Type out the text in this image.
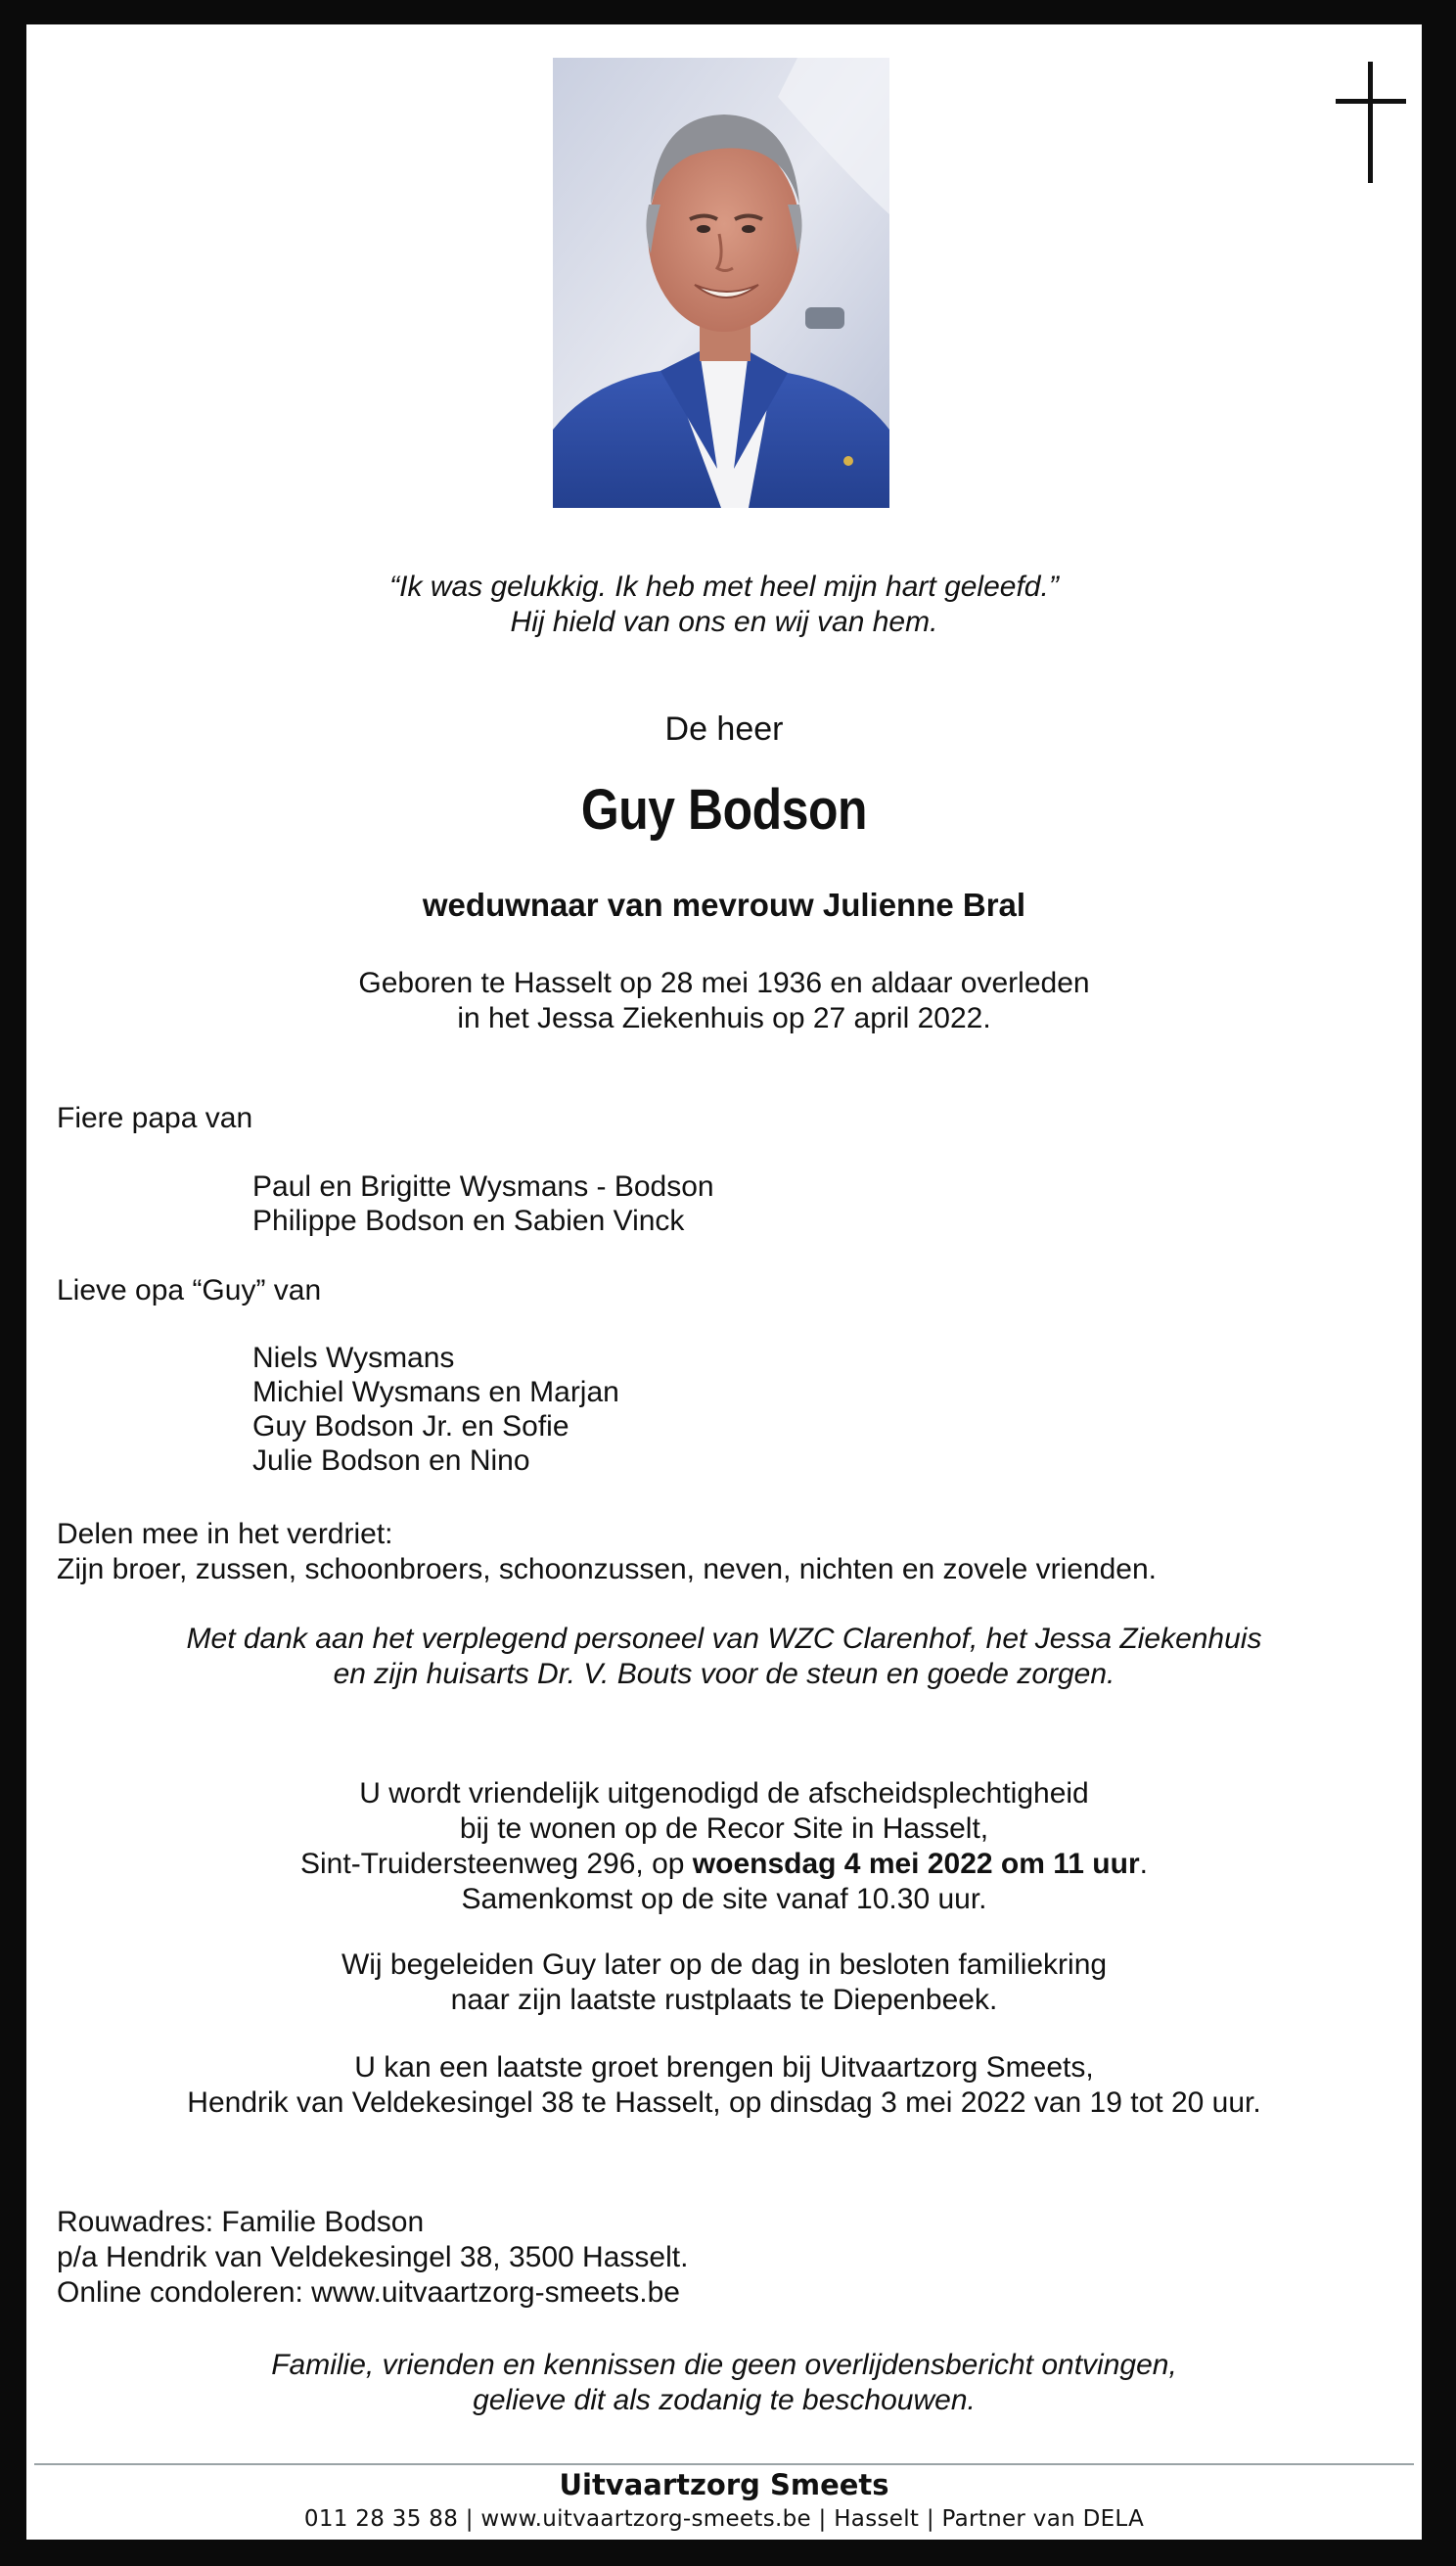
“Ik was gelukkig. Ik heb met heel mijn hart geleefd.”
Hij hield van ons en wij van hem.
De heer
Guy Bodson
weduwnaar van mevrouw Julienne Bral
Geboren te Hasselt op 28 mei 1936 en aldaar overleden
in het Jessa Ziekenhuis op 27 april 2022.
Fiere papa van
Paul en Brigitte Wysmans - Bodson
Philippe Bodson en Sabien Vinck
Lieve opa “Guy” van
Niels Wysmans
Michiel Wysmans en Marjan
Guy Bodson Jr. en Sofie
Julie Bodson en Nino
Delen mee in het verdriet:
Zijn broer, zussen, schoonbroers, schoonzussen, neven, nichten en zovele vrienden.
Met dank aan het verplegend personeel van WZC Clarenhof, het Jessa Ziekenhuis
en zijn huisarts Dr. V. Bouts voor de steun en goede zorgen.
U wordt vriendelijk uitgenodigd de afscheidsplechtigheid
bij te wonen op de Recor Site in Hasselt,
Sint-Truidersteenweg 296, op woensdag 4 mei 2022 om 11 uur.
Samenkomst op de site vanaf 10.30 uur.
Wij begeleiden Guy later op de dag in besloten familiekring
naar zijn laatste rustplaats te Diepenbeek.
U kan een laatste groet brengen bij Uitvaartzorg Smeets,
Hendrik van Veldekesingel 38 te Hasselt, op dinsdag 3 mei 2022 van 19 tot 20 uur.
Rouwadres: Familie Bodson
p/a Hendrik van Veldekesingel 38, 3500 Hasselt.
Online condoleren: www.uitvaartzorg-smeets.be
Familie, vrienden en kennissen die geen overlijdensbericht ontvingen,
gelieve dit als zodanig te beschouwen.
Uitvaartzorg Smeets
011 28 35 88 | www.uitvaartzorg-smeets.be | Hasselt | Partner van DELA
